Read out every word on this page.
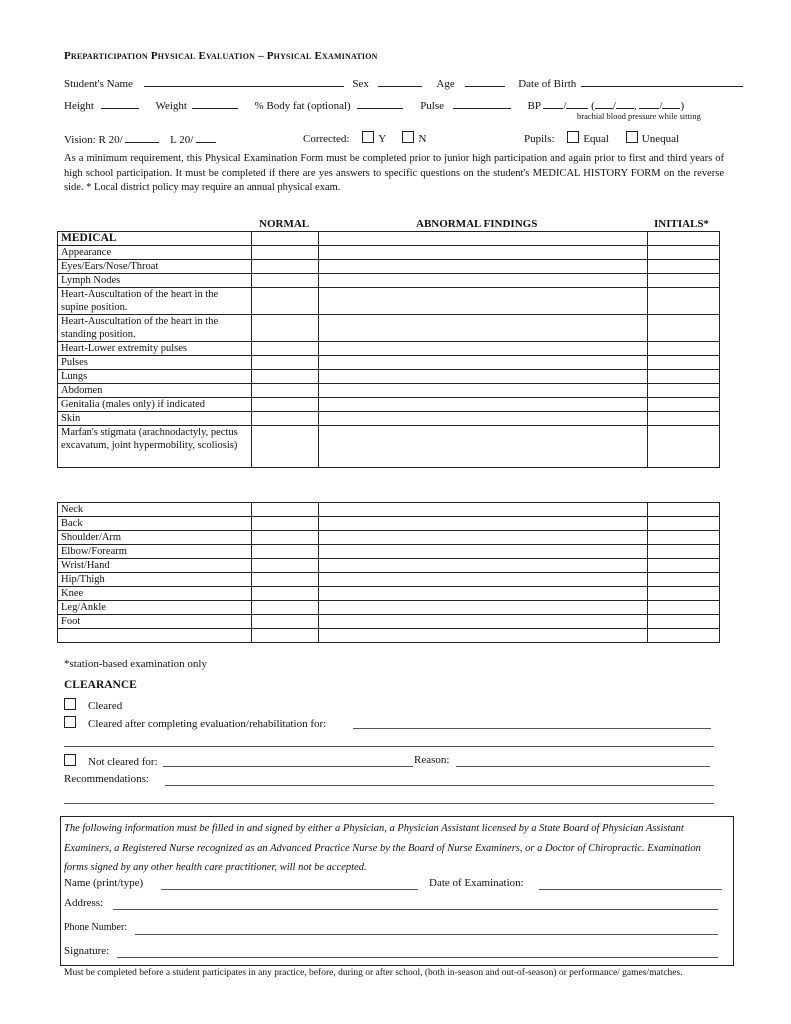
Preparticipation Physical Evaluation – Physical Examination
Student's Name	Sex	Age	Date of Birth
Height	Weight	% Body fat (optional)	Pulse	BP / ( / , / )
brachial blood pressure while sitting
Vision: R 20/	L 20/	Corrected:	Y	N	Pupils:	Equal	Unequal
As a minimum requirement, this Physical Examination Form must be completed prior to junior high participation and again prior to first and third years of high school participation. It must be completed if there are yes answers to specific questions on the student's MEDICAL HISTORY FORM on the reverse side. * Local district policy may require an annual physical exam.
NORMAL	ABNORMAL FINDINGS	INITIALS*
MEDICAL			
Appearance			
Eyes/Ears/Nose/Throat			
Lymph Nodes			
Heart-Auscultation of the heart in the supine position.			
Heart-Auscultation of the heart in the standing position.			
Heart-Lower extremity pulses			
Pulses			
Lungs			
Abdomen			
Genitalia (males only) if indicated			
Skin			
Marfan's stigmata (arachnodactyly, pectus excavatum, joint hypermobility, scoliosis)			
Neck			
Back			
Shoulder/Arm			
Elbow/Forearm			
Wrist/Hand			
Hip/Thigh			
Knee			
Leg/Ankle			
Foot			

*station-based examination only
CLEARANCE
Cleared
Cleared after completing evaluation/rehabilitation for:
Not cleared for:	Reason:
Recommendations:
The following information must be filled in and signed by either a Physician, a Physician Assistant licensed by a State Board of Physician Assistant Examiners, a Registered Nurse recognized as an Advanced Practice Nurse by the Board of Nurse Examiners, or a Doctor of Chiropractic. Examination forms signed by any other health care practitioner, will not be accepted.
Name (print/type)	Date of Examination:
Address:
Phone Number:
Signature:
Must be completed before a student participates in any practice, before, during or after school, (both in-season and out-of-season) or performance/ games/matches.
